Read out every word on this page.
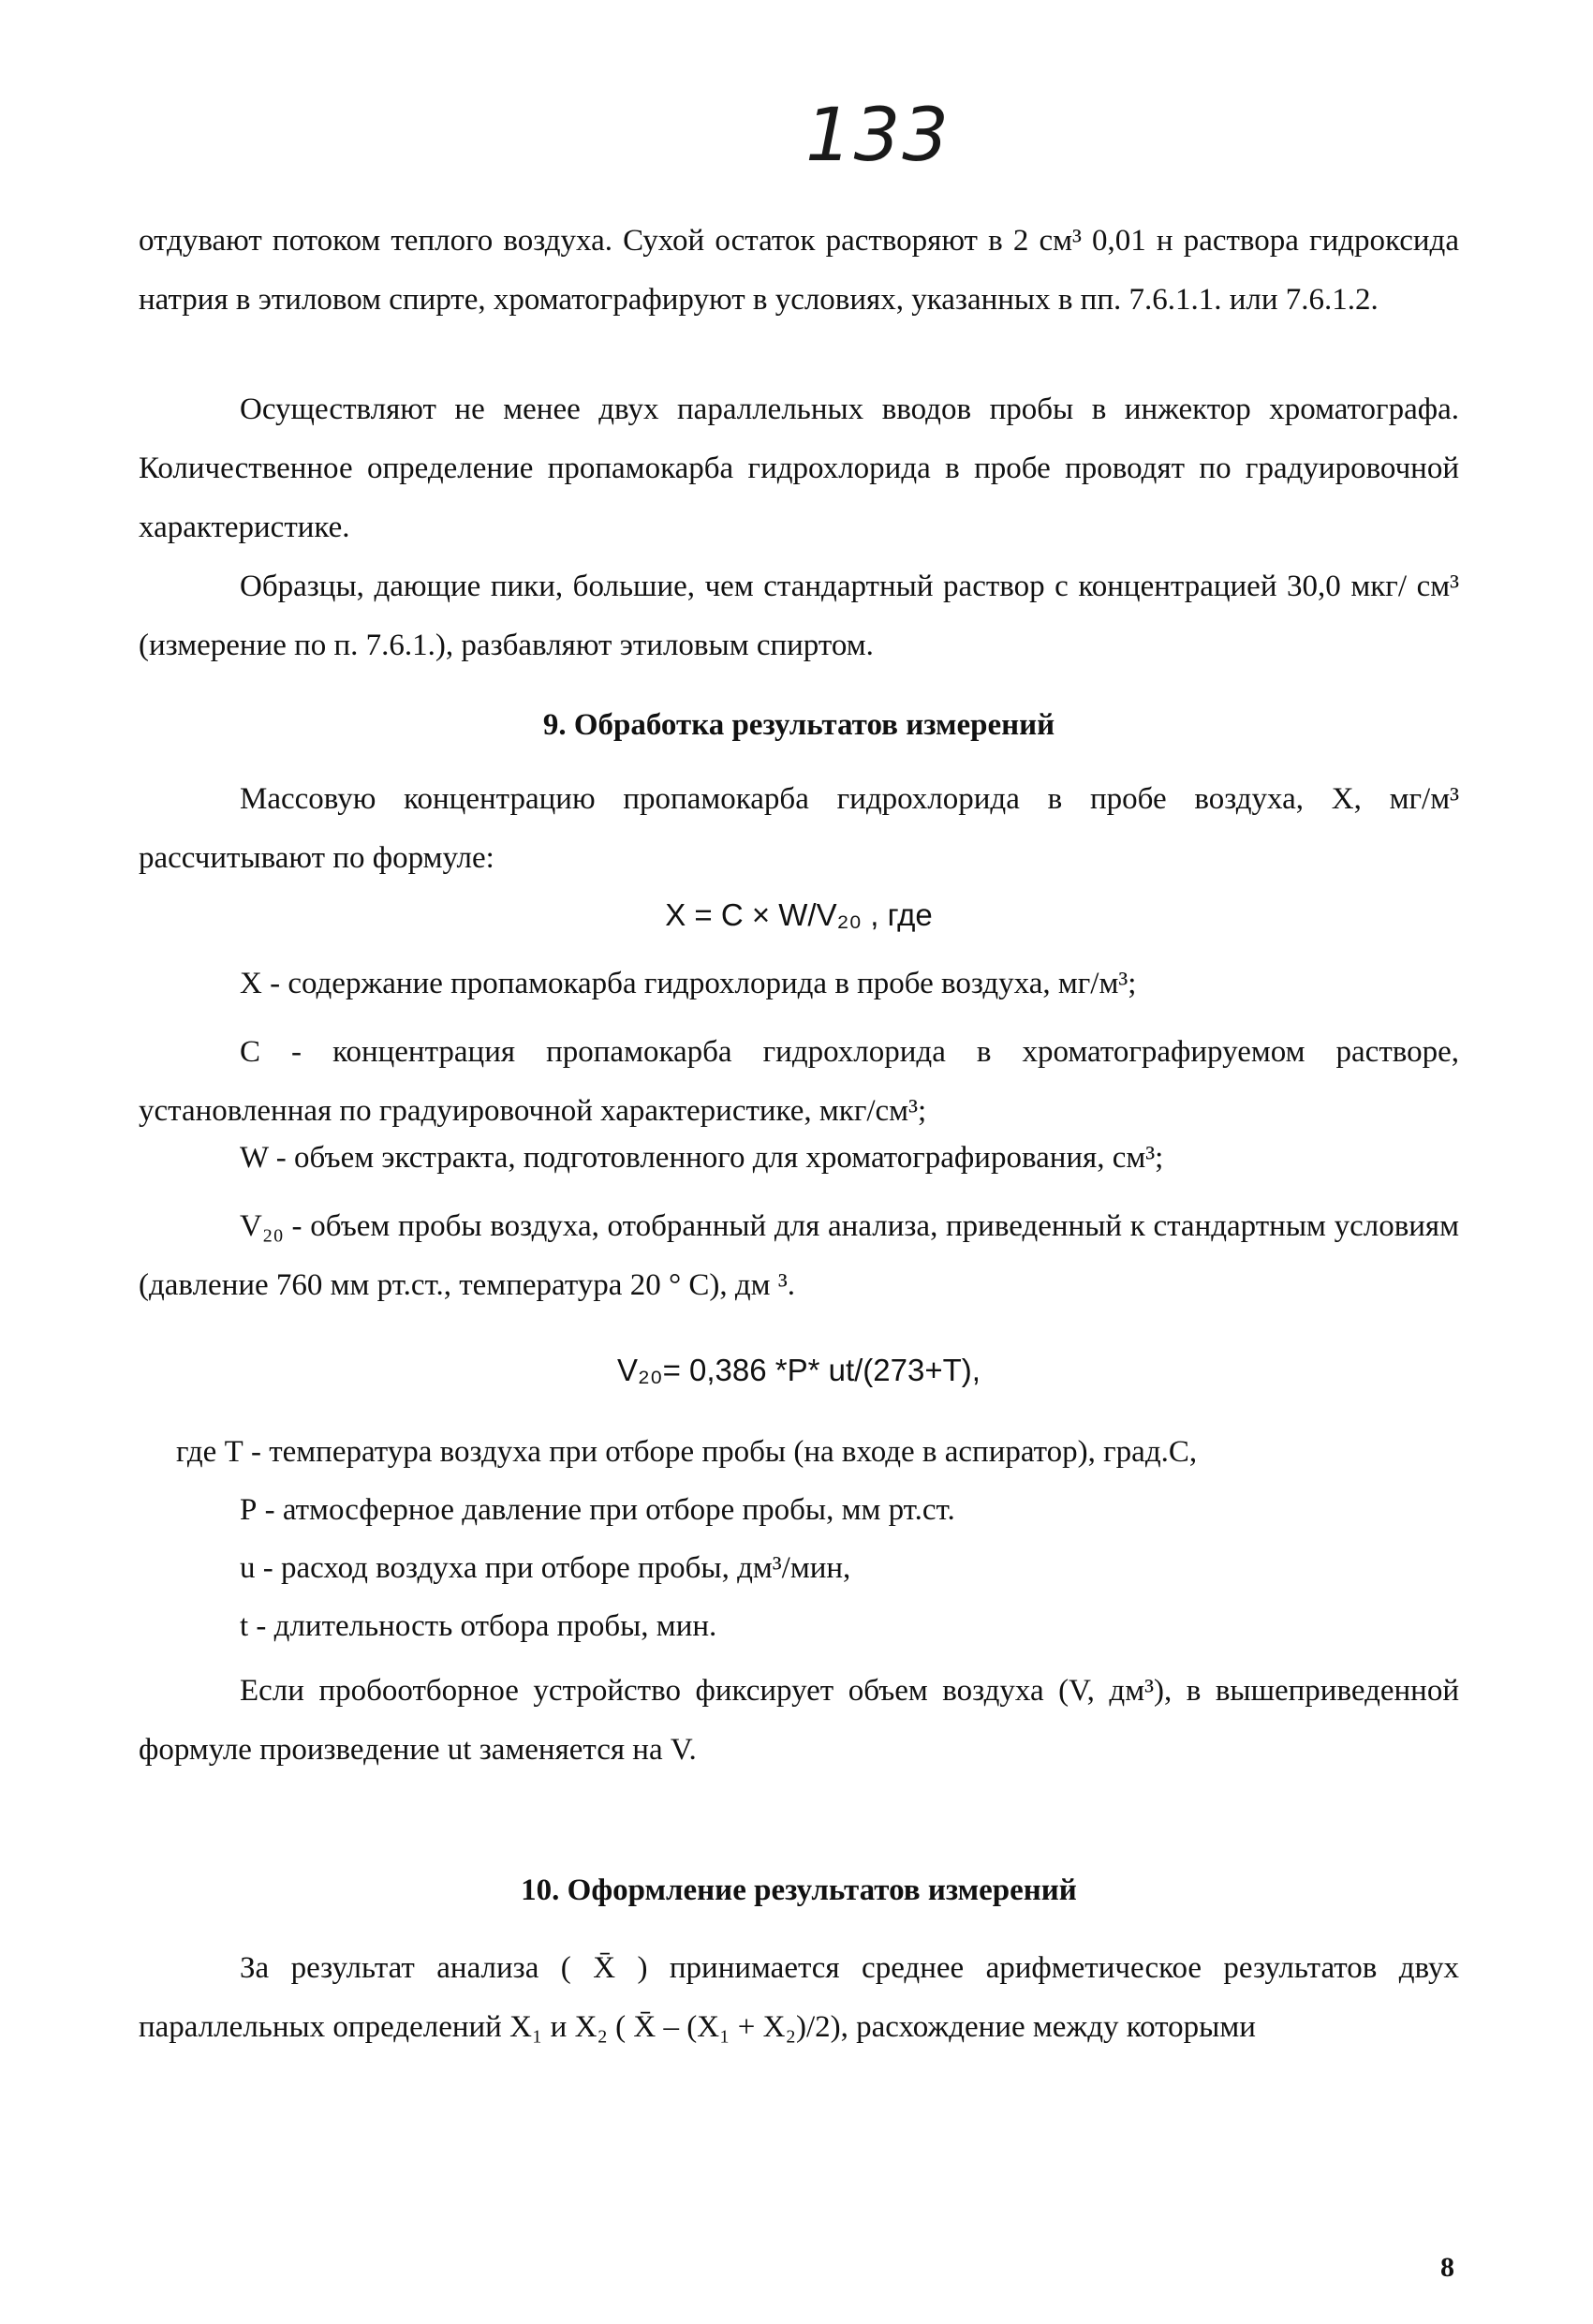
133

отдувают потоком теплого воздуха. Сухой остаток растворяют в 2 см³ 0,01 н раствора гидроксида натрия в этиловом спирте, хроматографируют в условиях, указанных в пп. 7.6.1.1. или 7.6.1.2.

Осуществляют не менее двух параллельных вводов пробы в инжектор хроматографа. Количественное определение пропамокарба гидрохлорида в пробе проводят по градуировочной характеристике.

Образцы, дающие пики, большие, чем стандартный раствор с концентрацией 30,0 мкг/ см³ (измерение по п. 7.6.1.), разбавляют этиловым спиртом.

9. Обработка результатов измерений

Массовую концентрацию пропамокарба гидрохлорида в пробе воздуха, X, мг/м³ рассчитывают по формуле:

X = C × W/V₂₀ , где

X - содержание пропамокарба гидрохлорида в пробе воздуха, мг/м³;

C - концентрация пропамокарба гидрохлорида в хроматографируемом растворе, установленная по градуировочной характеристике, мкг/см³;

W - объем экстракта, подготовленного для хроматографирования, см³;

V₂₀ - объем пробы воздуха, отобранный для анализа, приведенный к стандартным условиям (давление 760 мм рт.ст., температура 20 ° С), дм ³.

V₂₀= 0,386 *P* ut/(273+T),

где Т - температура воздуха при отборе пробы (на входе в аспиратор), град.С,

Р - атмосферное давление при отборе пробы, мм рт.ст.

u - расход воздуха при отборе пробы, дм³/мин,

t - длительность отбора пробы, мин.

Если пробоотборное устройство фиксирует объем воздуха (V, дм³), в вышеприведенной формуле произведение ut заменяется на V.

10. Оформление результатов измерений

За результат анализа ( X̄ ) принимается среднее арифметическое результатов двух параллельных определений X₁ и X₂ ( X̄ – (X₁ + X₂)/2), расхождение между которыми

8
